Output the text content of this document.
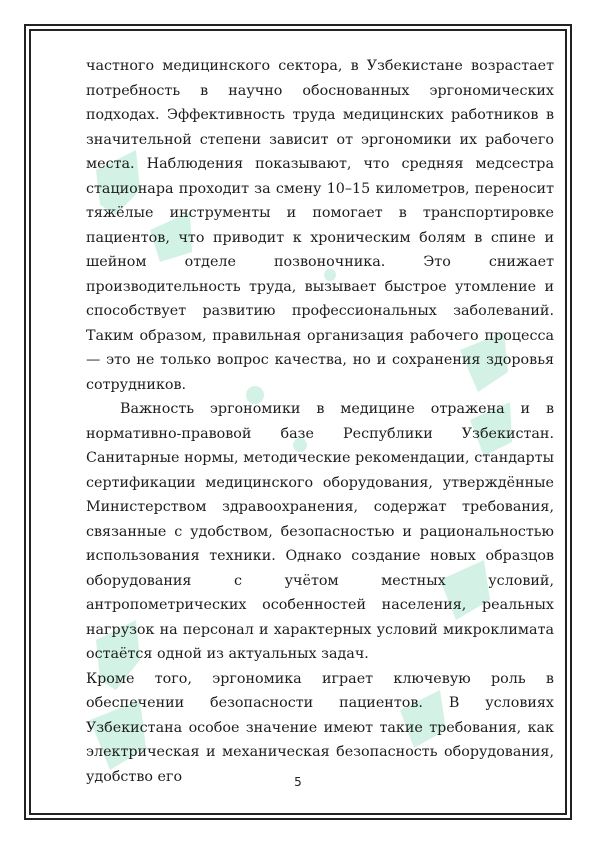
частного медицинского сектора, в Узбекистане возрастает потребность в научно обоснованных эргономических подходах. Эффективность труда медицинских работников в значительной степени зависит от эргономики их рабочего места. Наблюдения показывают, что средняя медсестра стационара проходит за смену 10–15 километров, переносит тяжёлые инструменты и помогает в транспортировке пациентов, что приводит к хроническим болям в спине и шейном отделе позвоночника. Это снижает производительность труда, вызывает быстрое утомление и способствует развитию профессиональных заболеваний. Таким образом, правильная организация рабочего процесса — это не только вопрос качества, но и сохранения здоровья сотрудников.

Важность эргономики в медицине отражена и в нормативно-правовой базе Республики Узбекистан. Санитарные нормы, методические рекомендации, стандарты сертификации медицинского оборудования, утверждённые Министерством здравоохранения, содержат требования, связанные с удобством, безопасностью и рациональностью использования техники. Однако создание новых образцов оборудования с учётом местных условий, антропометрических особенностей населения, реальных нагрузок на персонал и характерных условий микроклимата остаётся одной из актуальных задач.

Кроме того, эргономика играет ключевую роль в обеспечении безопасности пациентов. В условиях Узбекистана особое значение имеют такие требования, как электрическая и механическая безопасность оборудования, удобство его	5
